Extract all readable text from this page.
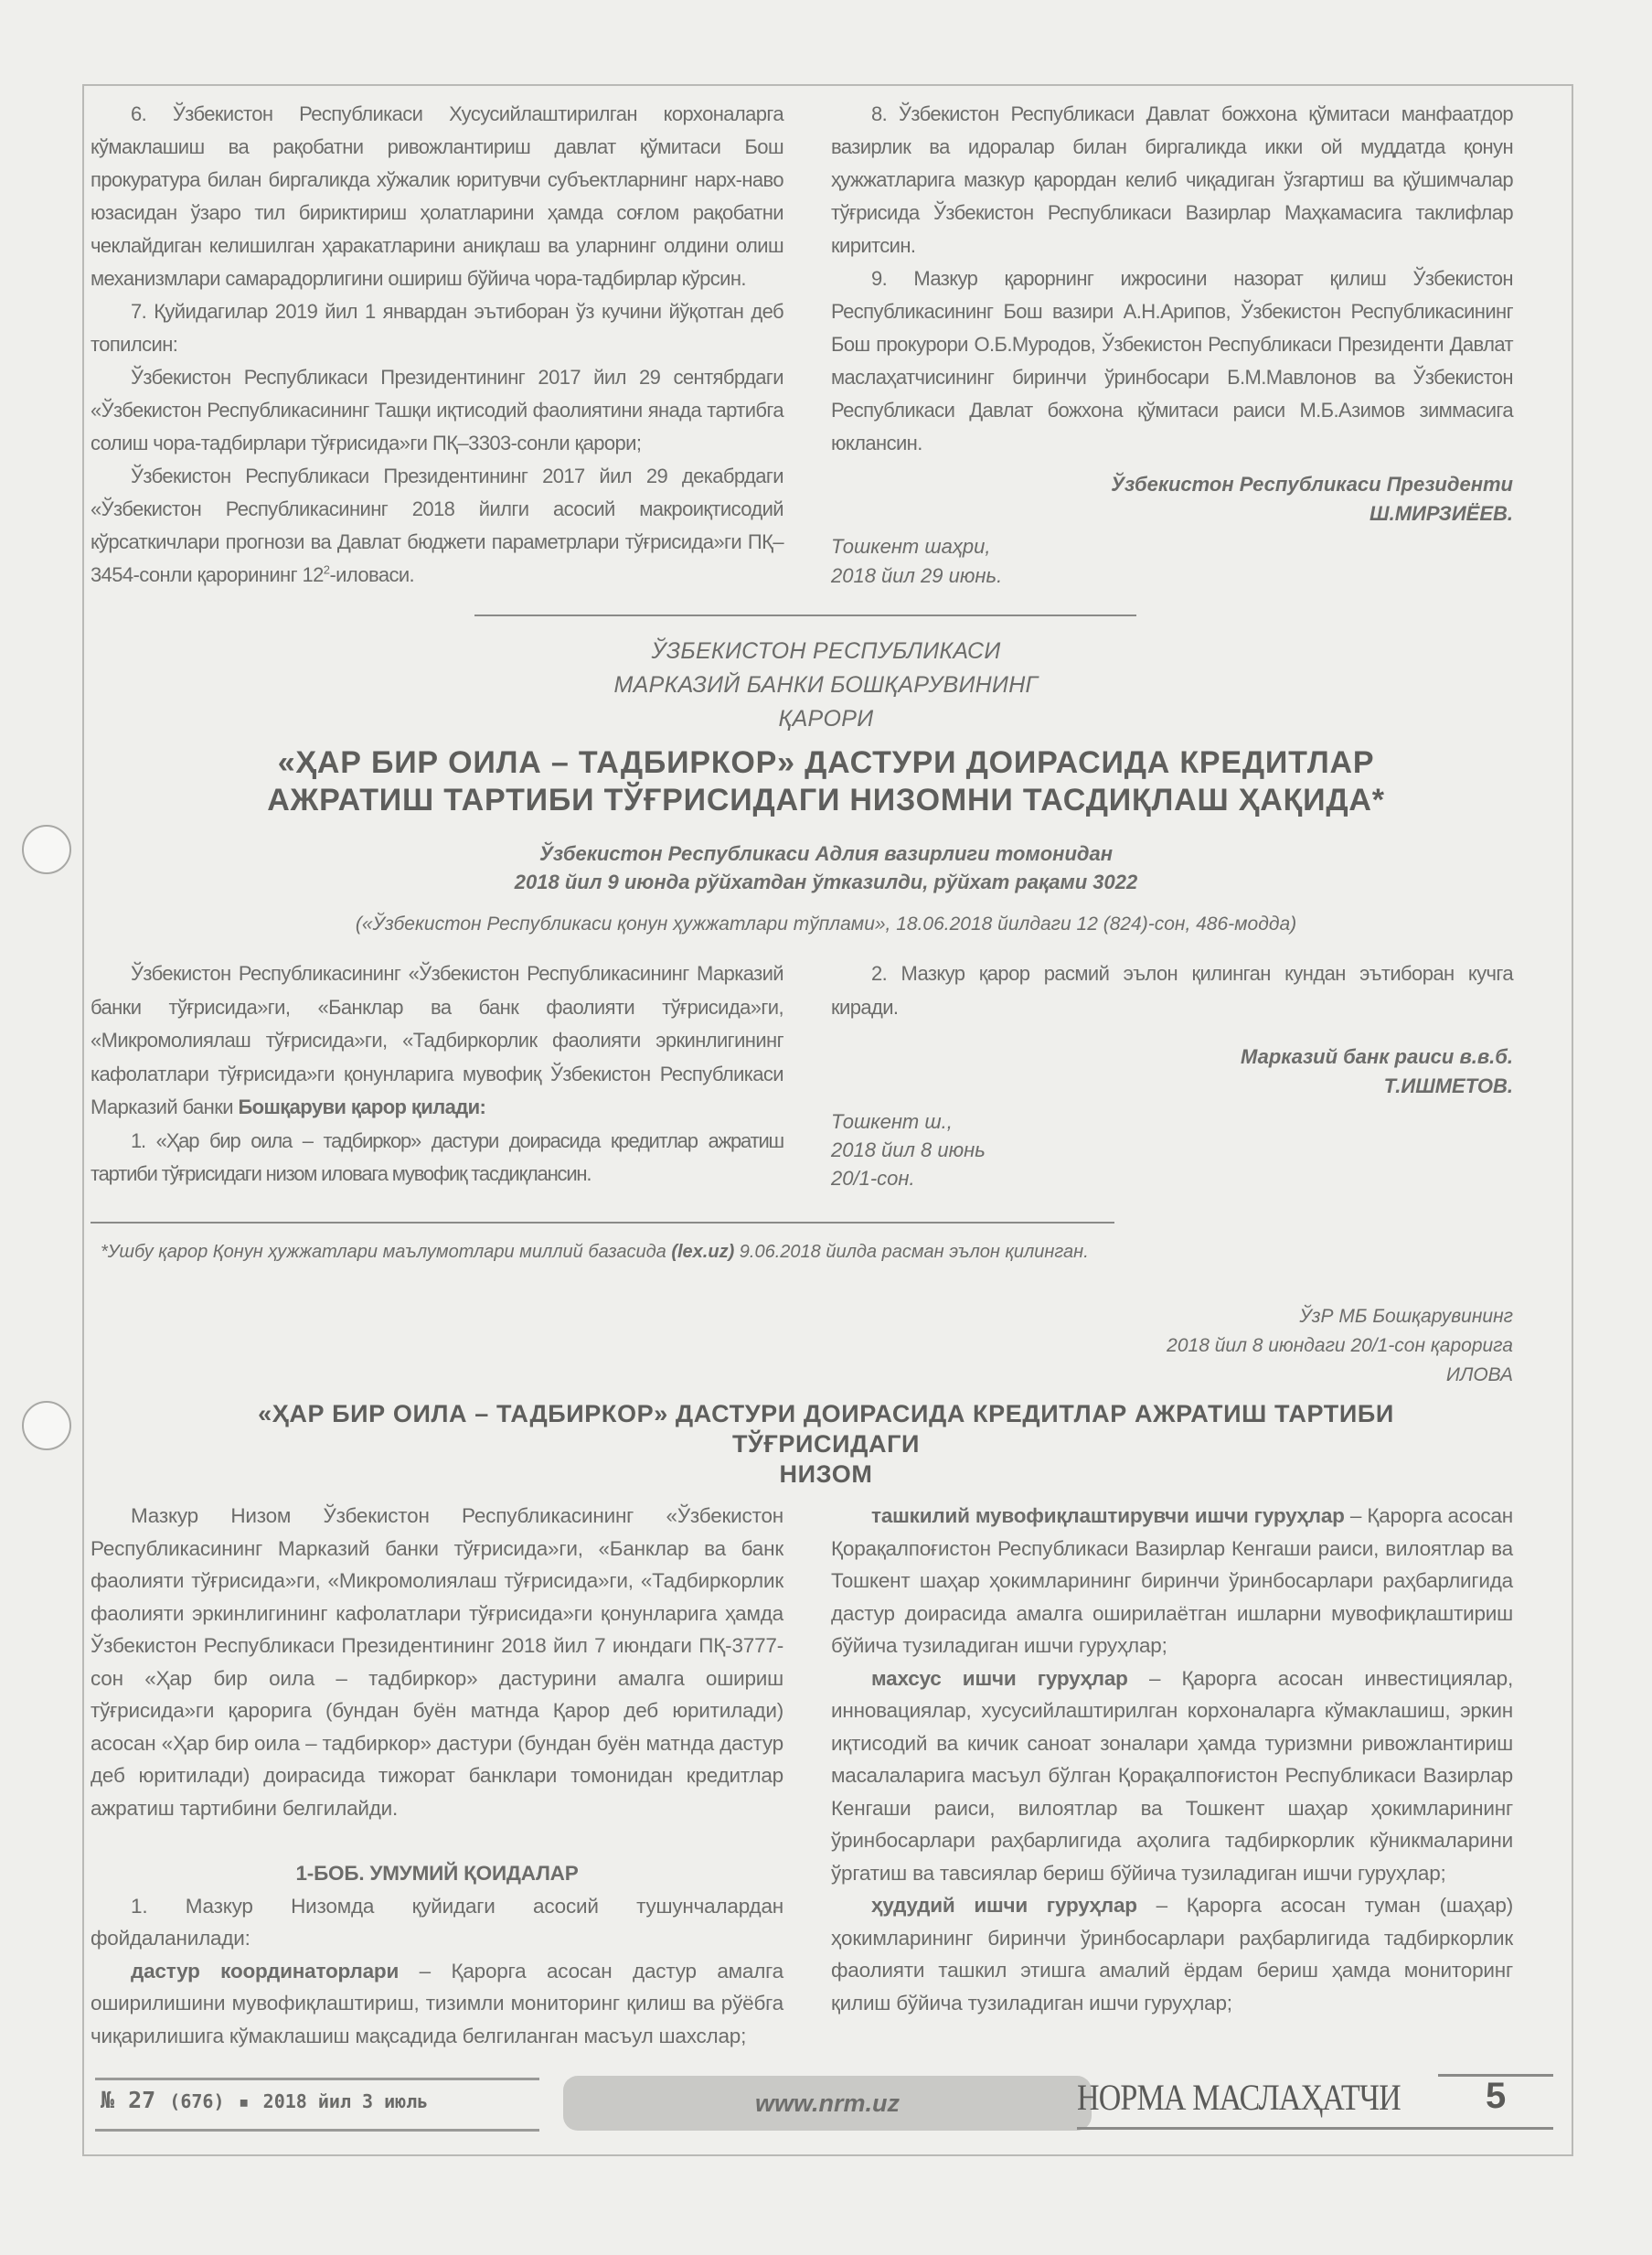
6. Ўзбекистон Республикаси Хусусийлаштирилган корхоналарга кўмаклашиш ва рақобатни ривожлантириш давлат қўмитаси Бош прокуратура билан биргаликда хўжалик юритувчи субъектларнинг нарх-наво юзасидан ўзаро тил бириктириш ҳолатларини ҳамда соғлом рақобатни чеклайдиган келишилган ҳаракатларини аниқлаш ва уларнинг олдини олиш механизмлари самарадорлигини ошириш бўйича чора-тадбирлар кўрсин.

7. Қуйидагилар 2019 йил 1 январдан эътиборан ўз кучини йўқотган деб топилсин:

Ўзбекистон Республикаси Президентининг 2017 йил 29 сентябрдаги «Ўзбекистон Республикасининг Ташқи иқтисодий фаолиятини янада тартибга солиш чора-тадбирлари тўғрисида»ги ПҚ–3303-сонли қарори;

Ўзбекистон Республикаси Президентининг 2017 йил 29 декабрдаги «Ўзбекистон Республикасининг 2018 йилги асосий макроиқтисодий кўрсаткичлари прогнози ва Давлат бюджети параметрлари тўғрисида»ги ПҚ–3454-сонли қарорининг $12^2$-иловаси.

8. Ўзбекистон Республикаси Давлат божхона қўмитаси манфаатдор вазирлик ва идоралар билан биргаликда икки ой муддатда қонун ҳужжатларига мазкур қарордан келиб чиқадиган ўзгартиш ва қўшимчалар тўғрисида Ўзбекистон Республикаси Вазирлар Маҳкамасига таклифлар киритсин.

9. Мазкур қарорнинг ижросини назорат қилиш Ўзбекистон Республикасининг Бош вазири А.Н.Арипов, Ўзбекистон Республикасининг Бош прокурори О.Б.Муродов, Ўзбекистон Республикаси Президенти Давлат маслаҳатчисининг биринчи ўринбосари Б.М.Мавлонов ва Ўзбекистон Республикаси Давлат божхона қўмитаси раиси М.Б.Азимов зиммасига юклансин.

Ўзбекистон Республикаси Президенти
Ш.МИРЗИЁЕВ.
Тошкент шаҳри,
2018 йил 29 июнь.
ЎЗБЕКИСТОН РЕСПУБЛИКАСИ
МАРКАЗИЙ БАНКИ БОШҚАРУВИНИНГ
ҚАРОРИ
«ҲАР БИР ОИЛА – ТАДБИРКОР» ДАСТУРИ ДОИРАСИДА КРЕДИТЛАР
АЖРАТИШ ТАРТИБИ ТЎҒРИСИДАГИ НИЗОМНИ ТАСДИҚЛАШ ҲАҚИДА*
Ўзбекистон Республикаси Адлия вазирлиги томонидан
2018 йил 9 июнда рўйхатдан ўтказилди, рўйхат рақами 3022
(«Ўзбекистон Республикаси қонун ҳужжатлари тўплами», 18.06.2018 йилдаги 12 (824)-сон, 486-модда)

Ўзбекистон Республикасининг «Ўзбекистон Республикасининг Марказий банки тўғрисида»ги, «Банклар ва банк фаолияти тўғрисида»ги, «Микромолиялаш тўғрисида»ги, «Тадбиркорлик фаолияти эркинлигининг кафолатлари тўғрисида»ги қонунларига мувофиқ Ўзбекистон Республикаси Марказий банки Бошқаруви қарор қилади:

1. «Ҳар бир оила – тадбиркор» дастури доирасида кредитлар ажратиш тартиби тўғрисидаги низом иловага мувофиқ тасдиқлансин.

2. Мазкур қарор расмий эълон қилинган кундан эътиборан кучга киради.

Марказий банк раиси в.в.б.
Т.ИШМЕТОВ.
Тошкент ш.,
2018 йил 8 июнь
20/1-сон.
*Ушбу қарор Қонун ҳужжатлари маълумотлари миллий базасида (lex.uz) 9.06.2018 йилда расман эълон қилинган.
ЎзР МБ Бошқарувининг
2018 йил 8 июндаги 20/1-сон қарорига
ИЛОВА
«ҲАР БИР ОИЛА – ТАДБИРКОР» ДАСТУРИ ДОИРАСИДА КРЕДИТЛАР АЖРАТИШ ТАРТИБИ
ТЎҒРИСИДАГИ
НИЗОМ

Мазкур Низом Ўзбекистон Республикасининг «Ўзбекистон Республикасининг Марказий банки тўғрисида»ги, «Банклар ва банк фаолияти тўғрисида»ги, «Микромолиялаш тўғрисида»ги, «Тадбиркорлик фаолияти эркинлигининг кафолатлари тўғрисида»ги қонунларига ҳамда Ўзбекистон Республикаси Президентининг 2018 йил 7 июндаги ПҚ-3777-сон «Ҳар бир оила – тадбиркор» дастурини амалга ошириш тўғрисида»ги қарорига (бундан буён матнда Қарор деб юритилади) асосан «Ҳар бир оила – тадбиркор» дастури (бундан буён матнда дастур деб юритилади) доирасида тижорат банклари томонидан кредитлар ажратиш тартибини белгилайди.

1-БОБ. УМУМИЙ ҚОИДАЛАР

1. Мазкур Низомда қуйидаги асосий тушунчалардан фойдаланилади:

дастур координаторлари – Қарорга асосан дастур амалга оширилишини мувофиқлаштириш, тизимли мониторинг қилиш ва рўёбга чиқарилишига кўмаклашиш мақсадида белгиланган масъул шахслар;

ташкилий мувофиқлаштирувчи ишчи гуруҳлар – Қарорга асосан Қорақалпоғистон Республикаси Вазирлар Кенгаши раиси, вилоятлар ва Тошкент шаҳар ҳокимларининг биринчи ўринбосарлари раҳбарлигида дастур доирасида амалга оширилаётган ишларни мувофиқлаштириш бўйича тузиладиган ишчи гуруҳлар;

махсус ишчи гуруҳлар – Қарорга асосан инвестициялар, инновациялар, хусусийлаштирилган корхоналарга кўмаклашиш, эркин иқтисодий ва кичик саноат зоналари ҳамда туризмни ривожлантириш масалаларига масъул бўлган Қорақалпоғистон Республикаси Вазирлар Кенгаши раиси, вилоятлар ва Тошкент шаҳар ҳокимларининг ўринбосарлари раҳбарлигида аҳолига тадбиркорлик кўникмаларини ўргатиш ва тавсиялар бериш бўйича тузиладиган ишчи гуруҳлар;

ҳудудий ишчи гуруҳлар – Қарорга асосан туман (шаҳар) ҳокимларининг биринчи ўринбосарлари раҳбарлигида тадбиркорлик фаолияти ташкил этишга амалий ёрдам бериш ҳамда мониторинг қилиш бўйича тузиладиган ишчи гуруҳлар;

№ 27 (676) ▪ 2018 йил 3 июль	www.nrm.uz	НОРМА МАСЛАҲАТЧИ 5
